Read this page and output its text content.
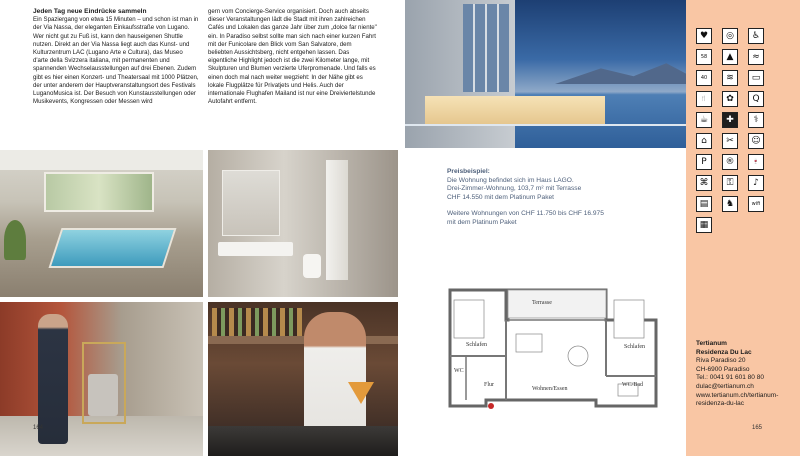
Jeden Tag neue Eindrücke sammeln

Ein Spaziergang von etwa 15 Minuten – und schon ist man in der Via Nassa, der eleganten Einkaufsstraße von Lugano. Wer nicht gut zu Fuß ist, kann den hauseigenen Shuttle nutzen. Direkt an der Via Nassa liegt auch das Kunst- und Kulturzentrum LAC (Lugano Arte e Cultura), das Museo d'arte della Svizzera italiana, mit permanenten und spannenden Wechselausstellungen auf drei Ebenen. Zudem gibt es hier einen Konzert- und Theatersaal mit 1000 Plätzen, der unter anderem der Hauptveranstaltungsort des Festivals LuganoMusica ist. Der Besuch von Kunstausstellungen oder Musikevents, Kongressen oder Messen wird

gern vom Concierge-Service organisiert. Doch auch abseits dieser Veranstaltungen lädt die Stadt mit ihren zahlreichen Cafés und Lokalen das ganze Jahr über zum „dolce far niente" ein. In Paradiso selbst sollte man sich nach einer kurzen Fahrt mit der Funicolare den Blick vom San Salvatore, dem beliebten Aussichtsberg, nicht entgehen lassen. Das eigentliche Highlight jedoch ist die zwei Kilometer lange, mit Skulpturen und Blumen verzierte Uferpromenade. Und falls es einen doch mal nach weiter wegzieht: In der Nähe gibt es lokale Flugplätze für Privatjets und Helis. Auch der internationale Flughafen Mailand ist nur eine Dreiviertelstunde Autofahrt entfernt.

164
Preisbeispiel:
Die Wohnung befindet sich im Haus LAGO.
Drei-Zimmer-Wohnung, 103,7 m² mit Terrasse
CHF 14.550 mit dem Platinum Paket
Weitere Wohnungen von CHF 11.750 bis CHF 16.975
mit dem Platinum Paket
Terrasse
Schlafen	Schlafen
WC
Flur
Wohnen/Essen
WC/Bad
♥ ◎ ♿
58 ▲ ≈
40 ≋ ▭
🍴 ✿ Q
☕ ✚ ⚕
⌂ ✂ ☺
P ®	🍷
⌘ ⚿ ♪
▤ ♞	wifi
▦
Tertianum
Residenza Du Lac
Riva Paradiso 20
CH-6900 Paradiso
Tel.: 0041 91 601 80 80
dulac@tertianum.ch
www.tertianum.ch/tertianum-
residenza-du-lac
165
